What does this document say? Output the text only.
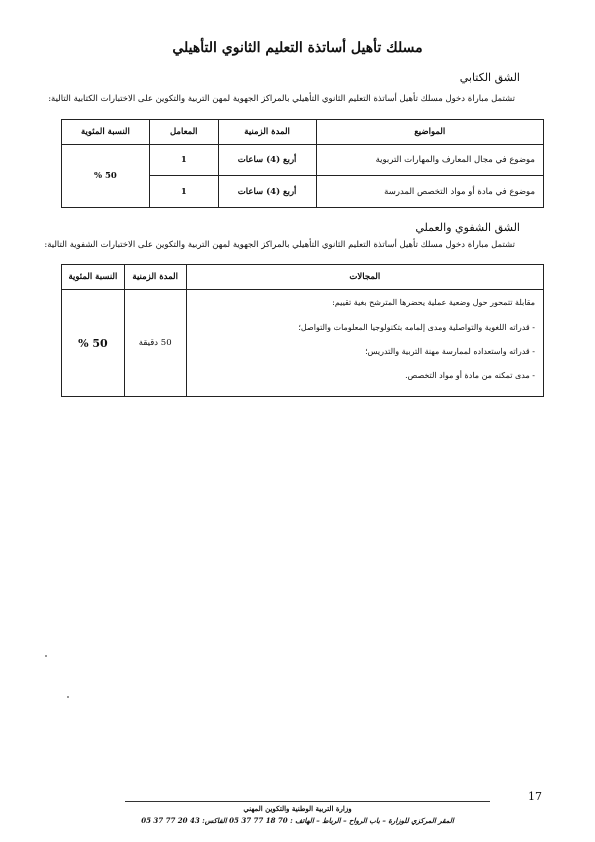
مسلك تأهيل أساتذة التعليم الثانوي التأهيلي
الشق الكتابي
تشتمل مباراة دخول مسلك تأهيل أساتذة التعليم الثانوي التأهيلي بالمراكز الجهوية لمهن التربية والتكوين على الاختبارات الكتابية التالية:
المواضيع	المدة الزمنية	المعامل	النسبة المئوية
موضوع في مجال المعارف والمهارات التربوية	أربع (4) ساعات	1	50 %
موضوع في مادة أو مواد التخصص المدرسة	أربع (4) ساعات	1	
الشق الشفوي والعملي
تشتمل مباراة دخول مسلك تأهيل أساتذة التعليم الثانوي التأهيلي بالمراكز الجهوية لمهن التربية والتكوين على الاختبارات الشفوية التالية:
المجالات	المدة الزمنية	النسبة المئوية

مقابلة تتمحور حول وضعية عملية يحضرها المترشح بغية تقييم:
- قدراته اللغوية والتواصلية ومدى إلمامه بتكنولوجيا المعلومات والتواصل؛
- قدراته واستعداده لممارسة مهنة التربية والتدريس؛
- مدى تمكنه من مادة أو مواد التخصص.	50 دقيقة	50 %
17
وزارة التربية الوطنية والتكوين المهني
المقر المركزي للوزارة – باب الرواح – الرباط – الهاتف : 70 18 77 37 05 الفاكس: 43 20 77 37 05
